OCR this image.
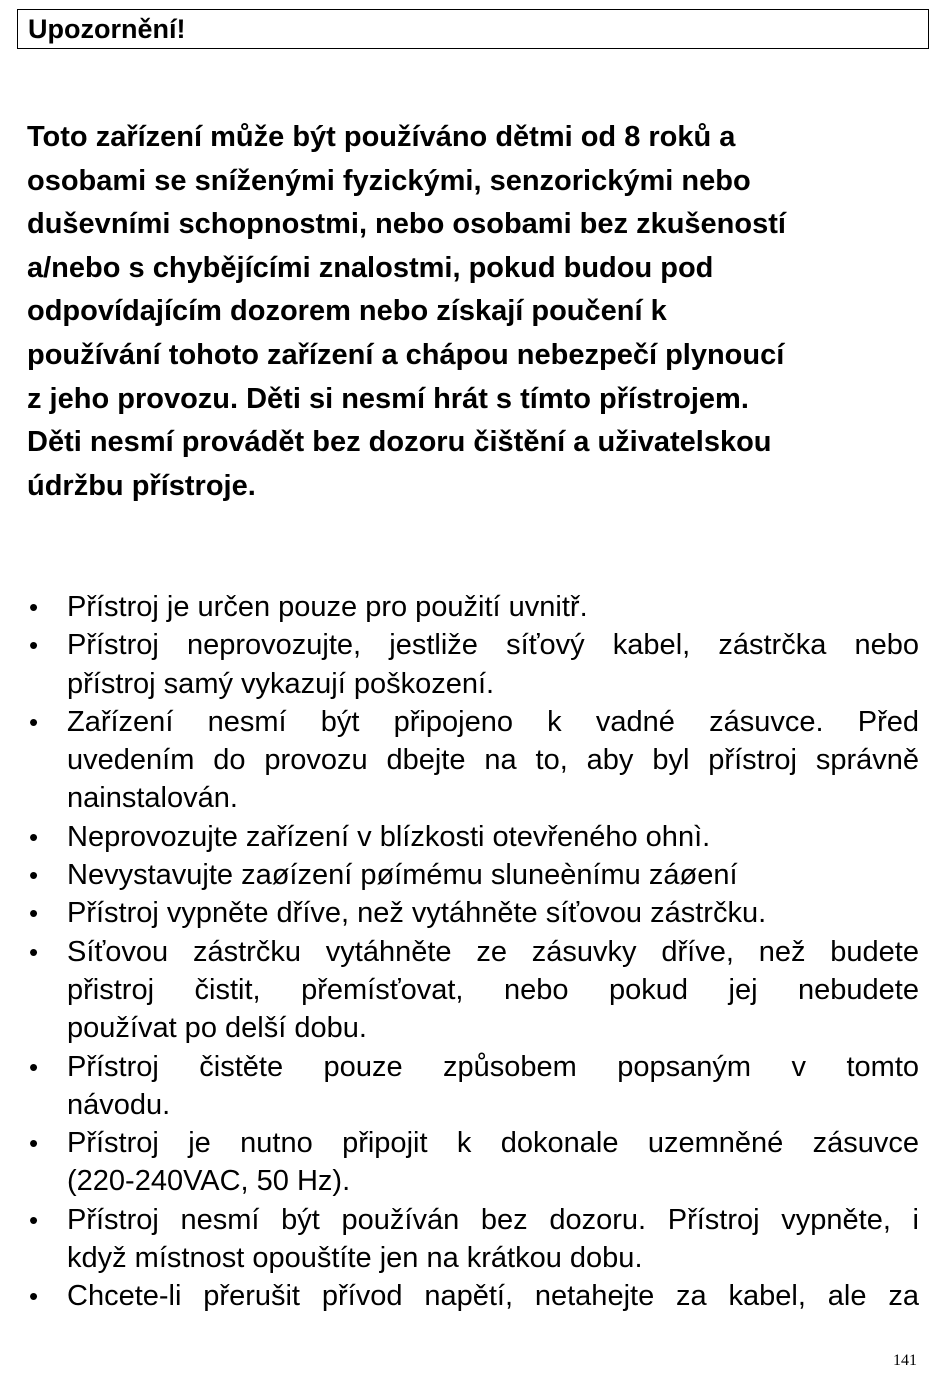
Upozornění!

Toto zařízení může být používáno dětmi od 8 roků a
osobami se sníženými fyzickými, senzorickými nebo
duševními schopnostmi, nebo osobami bez zkušeností
a/nebo s chybějícími znalostmi, pokud budou pod
odpovídajícím dozorem nebo získají poučení k
používání tohoto zařízení a chápou nebezpečí plynoucí
z jeho provozu. Děti si nesmí hrát s tímto přístrojem.
Děti nesmí provádět bez dozoru čištění a uživatelskou
údržbu přístroje.

• Přístroj je určen pouze pro použití uvnitř.
• Přístroj neprovozujte, jestliže síťový kabel, zástrčka nebo
přístroj samý vykazují poškození.
• Zařízení nesmí být připojeno k vadné zásuvce. Před
uvedením do provozu dbejte na to, aby byl přístroj správně
nainstalován.
• Neprovozujte zařízení v blízkosti otevřeného ohnì.
• Nevystavujte zaøízení pøímému sluneènímu záøení
• Přístroj vypněte dříve, než vytáhněte síťovou zástrčku.
• Síťovou zástrčku vytáhněte ze zásuvky dříve, než budete
přistroj čistit, přemísťovat, nebo pokud jej nebudete
používat po delší dobu.
• Přístroj čistěte pouze způsobem popsaným v tomto
návodu.
• Přístroj je nutno připojit k dokonale uzemněné zásuvce
(220-240VAC, 50 Hz).
• Přístroj nesmí být používán bez dozoru. Přístroj vypněte, i
když místnost opouštíte jen na krátkou dobu.
• Chcete-li přerušit přívod napětí, netahejte za kabel, ale za
141
